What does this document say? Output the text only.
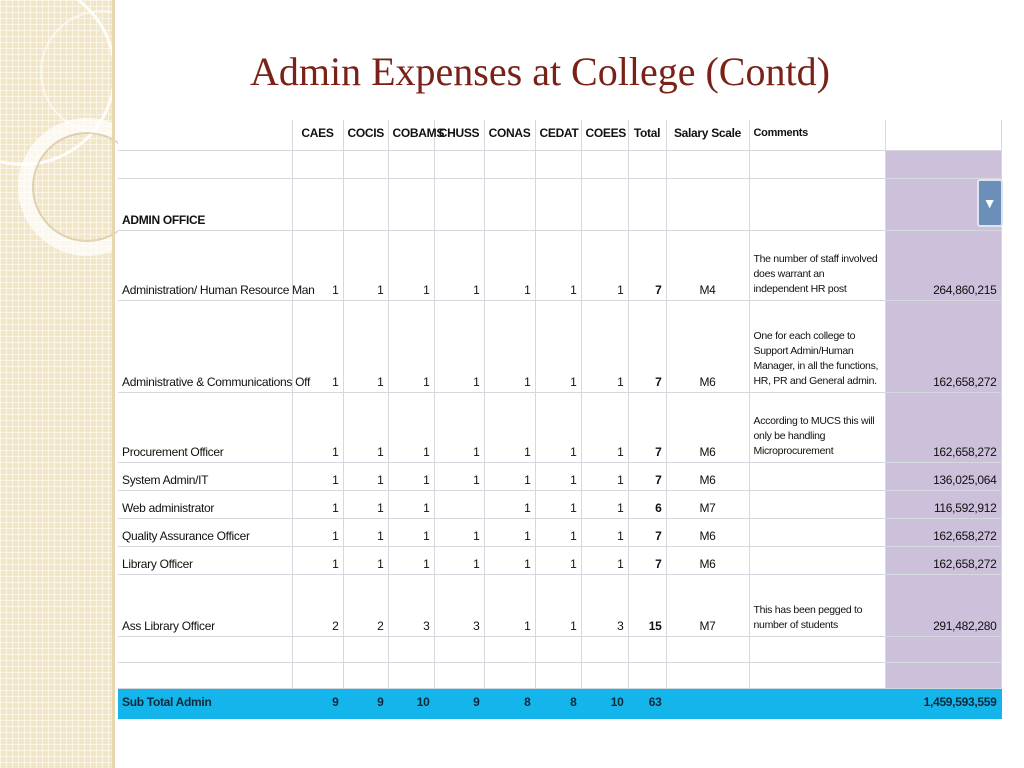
Admin Expenses at College (Contd)
	CAES	COCIS	COBAMS	CHUSS	CONAS	CEDAT	COEES	Total	Salary Scale	Comments	

ADMIN OFFICE											▼

Administration/ Human Resource Man	1	1	1	1	1	1	1	7	M4	The number of staff involved does warrant an independent HR post	264,860,215
Administrative & Communications Off	1	1	1	1	1	1	1	7	M6	One for each college to Support Admin/Human Manager, in all the functions, HR, PR and General admin.	162,658,272
Procurement Officer	1	1	1	1	1	1	1	7	M6	According to MUCS this will only be handling Microprocurement	162,658,272
System Admin/IT	1	1	1	1	1	1	1	7	M6		136,025,064
Web administrator	1	1	1		1	1	1	6	M7		116,592,912
Quality Assurance Officer	1	1	1	1	1	1	1	7	M6		162,658,272
Library Officer	1	1	1	1	1	1	1	7	M6		162,658,272
Ass Library Officer	2	2	3	3	1	1	3	15	M7	This has been pegged to number of students	291,482,280

Sub Total Admin	9	9	10	9	8	8	10	63			1,459,593,559
